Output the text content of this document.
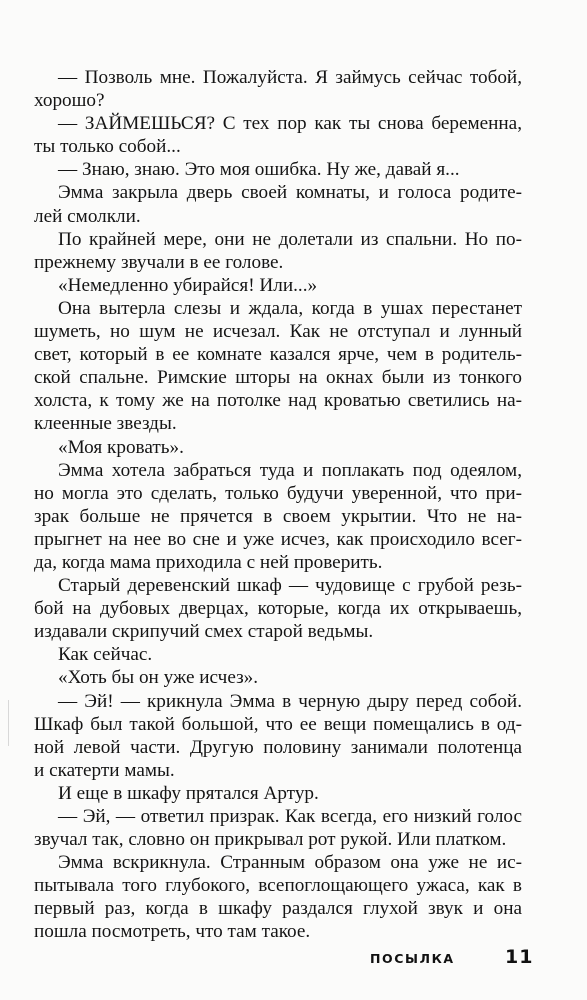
— Позволь мне. Пожалуйста. Я займусь сейчас тобой,
хорошо?
— ЗАЙМЕШЬСЯ? С тех пор как ты снова беременна,
ты только собой...
— Знаю, знаю. Это моя ошибка. Ну же, давай я...
Эмма закрыла дверь своей комнаты, и голоса родите-
лей смолкли.
По крайней мере, они не долетали из спальни. Но по-
прежнему звучали в ее голове.
«Немедленно убирайся! Или...»
Она вытерла слезы и ждала, когда в ушах перестанет
шуметь, но шум не исчезал. Как не отступал и лунный
свет, который в ее комнате казался ярче, чем в родитель-
ской спальне. Римские шторы на окнах были из тонкого
холста, к тому же на потолке над кроватью светились на-
клеенные звезды.
«Моя кровать».
Эмма хотела забраться туда и поплакать под одеялом,
но могла это сделать, только будучи уверенной, что при-
зрак больше не прячется в своем укрытии. Что не на-
прыгнет на нее во сне и уже исчез, как происходило всег-
да, когда мама приходила с ней проверить.
Старый деревенский шкаф — чудовище с грубой резь-
бой на дубовых дверцах, которые, когда их открываешь,
издавали скрипучий смех старой ведьмы.
Как сейчас.
«Хоть бы он уже исчез».
— Эй! — крикнула Эмма в черную дыру перед собой.
Шкаф был такой большой, что ее вещи помещались в од-
ной левой части. Другую половину занимали полотенца
и скатерти мамы.
И еще в шкафу прятался Артур.
— Эй, — ответил призрак. Как всегда, его низкий голос
звучал так, словно он прикрывал рот рукой. Или платком.
Эмма вскрикнула. Странным образом она уже не ис-
пытывала того глубокого, всепоглощающего ужаса, как в
первый раз, когда в шкафу раздался глухой звук и она
пошла посмотреть, что там такое.
ПОСЫЛКА	11
